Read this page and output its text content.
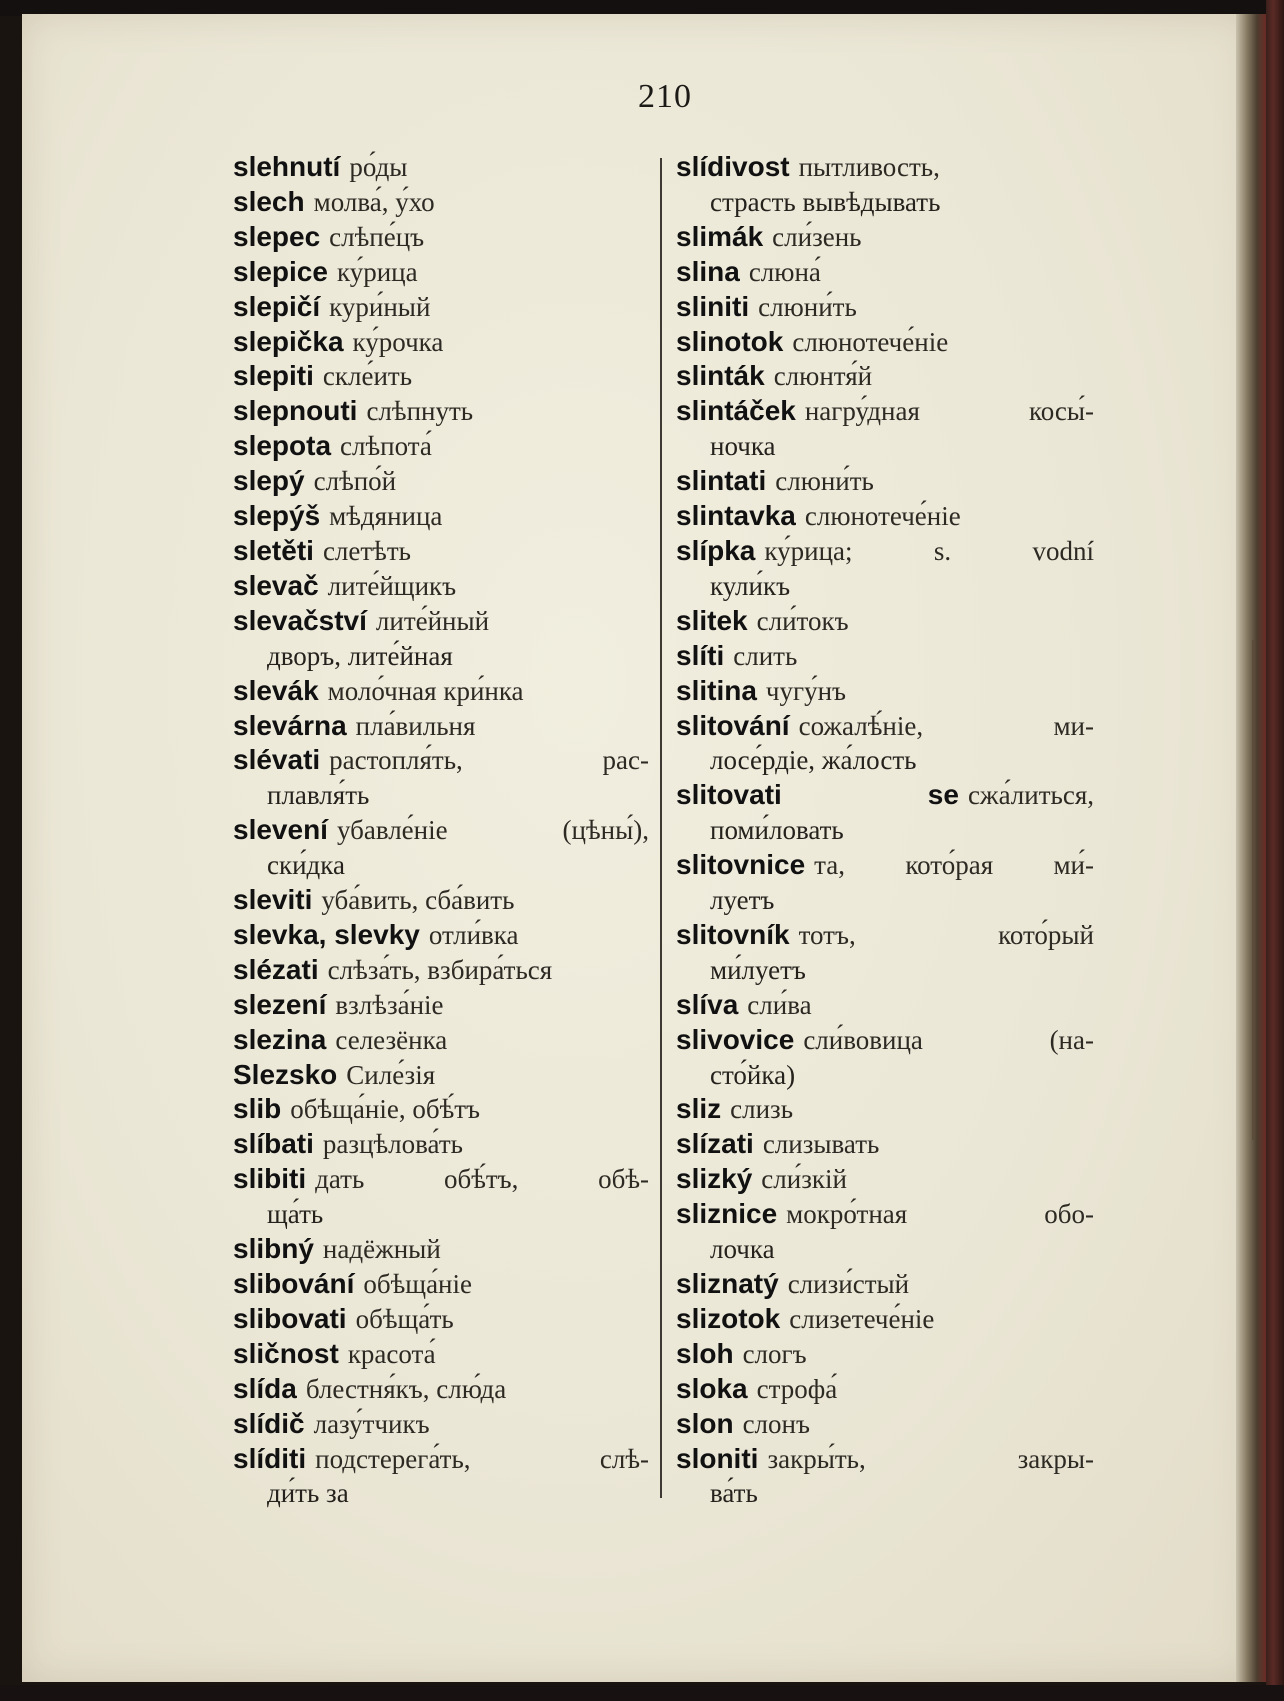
210
slehnutí ро́ды
slech молва́, у́хо
slepec слѣпе́цъ
slepice ку́рица
slepičí кури́ный
slepička ку́рочка
slepiti скле́ить
slepnouti слѣпнуть
slepota слѣпота́
slepý слѣпо́й
slepýš мѣдяница
sletěti слетѣть
slevač лите́йщикъ
slevačství лите́йный
дворъ, лите́йная
slevák моло́чная кри́нка
slevárna пла́вильня
slévati растопля́ть, рас-
плавля́ть
slevení убавле́ніе (цѣны́),
ски́дка
sleviti уба́вить, сба́вить
slevka, slevky отли́вка
slézati слѣза́ть, взбира́ться
slezení взлѣза́ніе
slezina селезёнка
Slezsko Силе́зія
slib обѣща́ніе, обѣ́тъ
slíbati разцѣлова́ть
slibiti дать обѣ́тъ, обѣ-
ща́ть
slibný надёжный
slibování обѣща́ніе
slibovati обѣща́ть
sličnost красота́
slída блестня́къ, слю́да
slídič лазу́тчикъ
slíditi подстерега́ть, слѣ-
ди́ть за
slídivost пытливость,
страсть вывѣдывать
slimák сли́зень
slina слюна́
sliniti слюни́ть
slinotok слюнотече́ніе
slinták слюнтя́й
slintáček нагру́дная косы́-
ночка
slintati слюни́ть
slintavka слюнотече́ніе
slípka ку́рица; s. vodní
кули́къ
slitek сли́токъ
slíti слить
slitina чугу́нъ
slitování сожалѣ́ніе, ми-
лосе́рдіе, жа́лость
slitovati se сжа́литься,
поми́ловать
slitovnice та, кото́рая ми́-
луетъ
slitovník тотъ, кото́рый
ми́луетъ
slíva сли́ва
slivovice сли́вовица (на-
сто́йка)
sliz слизь
slízati слизывать
slizký сли́зкій
sliznice мокро́тная обо-
лочка
sliznatý слизи́стый
slizotok слизетече́ніе
sloh слогъ
sloka строфа́
slon слонъ
sloniti закры́ть, закры-
ва́ть
